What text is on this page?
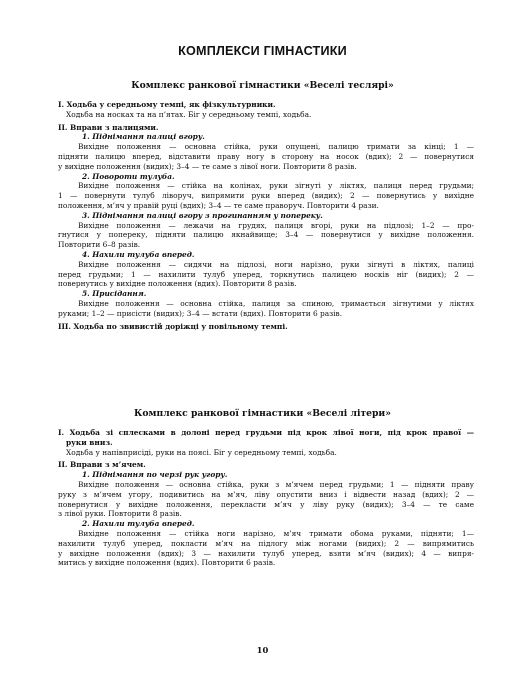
КОМПЛЕКСИ ГІМНАСТИКИ
Комплекс ранкової гімнастики «Веселі теслярі»
I. Ходьба у середньому темпі, як фізкультурники.
Ходьба на носках та на п’ятах. Біг у середньому темпі, ходьба.
II. Вправи з палицями.
1. Піднімання палиці вгору.
Вихідне положення — основна стійка, руки опущені, палицю тримати за кінці; 1 —
підняти палицю вперед, відставити праву ногу в сторону на носок (вдих); 2 — повернутися
у вихідне положення (видих); 3–4 — те саме з лівої ноги. Повторити 8 разів.
2. Повороти тулуба.
Вихідне положення — стійка на колінах, руки зігнуті у ліктях, палиця перед грудьми;
1 — повернути тулуб ліворуч, випрямити руки вперед (видих); 2 — повернутись у вихідне
положення, м’яч у правій руці (вдих); 3–4 — те саме праворуч. Повторити 4 рази.
3. Піднімання палиці вгору з прогинанням у попереку.
Вихідне положення — лежачи на грудях, палиця вгорі, руки на підлозі; 1–2 — про-
гнутися у попереку, підняти палицю якнайвище; 3–4 — повернутися у вихідне положення.
Повторити 6–8 разів.
4. Нахили тулуба вперед.
Вихідне положення — сидячи на підлозі, ноги нарізно, руки зігнуті в ліктях, палиці
перед грудьми; 1 — нахилити тулуб уперед, торкнутись палицею носків ніг (видих); 2 —
повернутись у вихідне положення (вдих). Повторити 8 разів.
5. Присідання.
Вихідне положення — основна стійка, палиця за спиною, тримається зігнутими у ліктях
руками; 1–2 — присісти (видих); 3–4 — встати (вдих). Повторити 6 разів.
III. Ходьба по звивистій доріжці у повільному темпі.
Комплекс ранкової гімнастики «Веселі літери»
I. Ходьба зі сплесками в долоні перед грудьми під крок лівої ноги, під крок правої —
руки вниз.
Ходьба у напівприсіді, руки на поясі. Біг у середньому темпі, ходьба.
II. Вправи з м’ячем.
1. Піднімання по черзі рук угору.
Вихідне положення — основна стійка, руки з м’ячем перед грудьми; 1 — підняти праву
руку з м’ячем угору, подивитись на м’яч, ліву опустити вниз і відвести назад (вдих); 2 —
повернутися у вихідне положення, перекласти м’яч у ліву руку (видих); 3–4 — те саме
з лівої руки. Повторити 8 разів.
2. Нахили тулуба вперед.
Вихідне положення — стійка ноги нарізно, м’яч тримати обома руками, підняти; 1—
нахилити тулуб уперед, покласти м’яч на підлогу між ногами (видих); 2 — випрямитись
у вихідне положення (вдих); 3 — нахилити тулуб уперед, взяти м’яч (видих); 4 — випря-
митись у вихідне положення (вдих). Повторити 6 разів.
10
